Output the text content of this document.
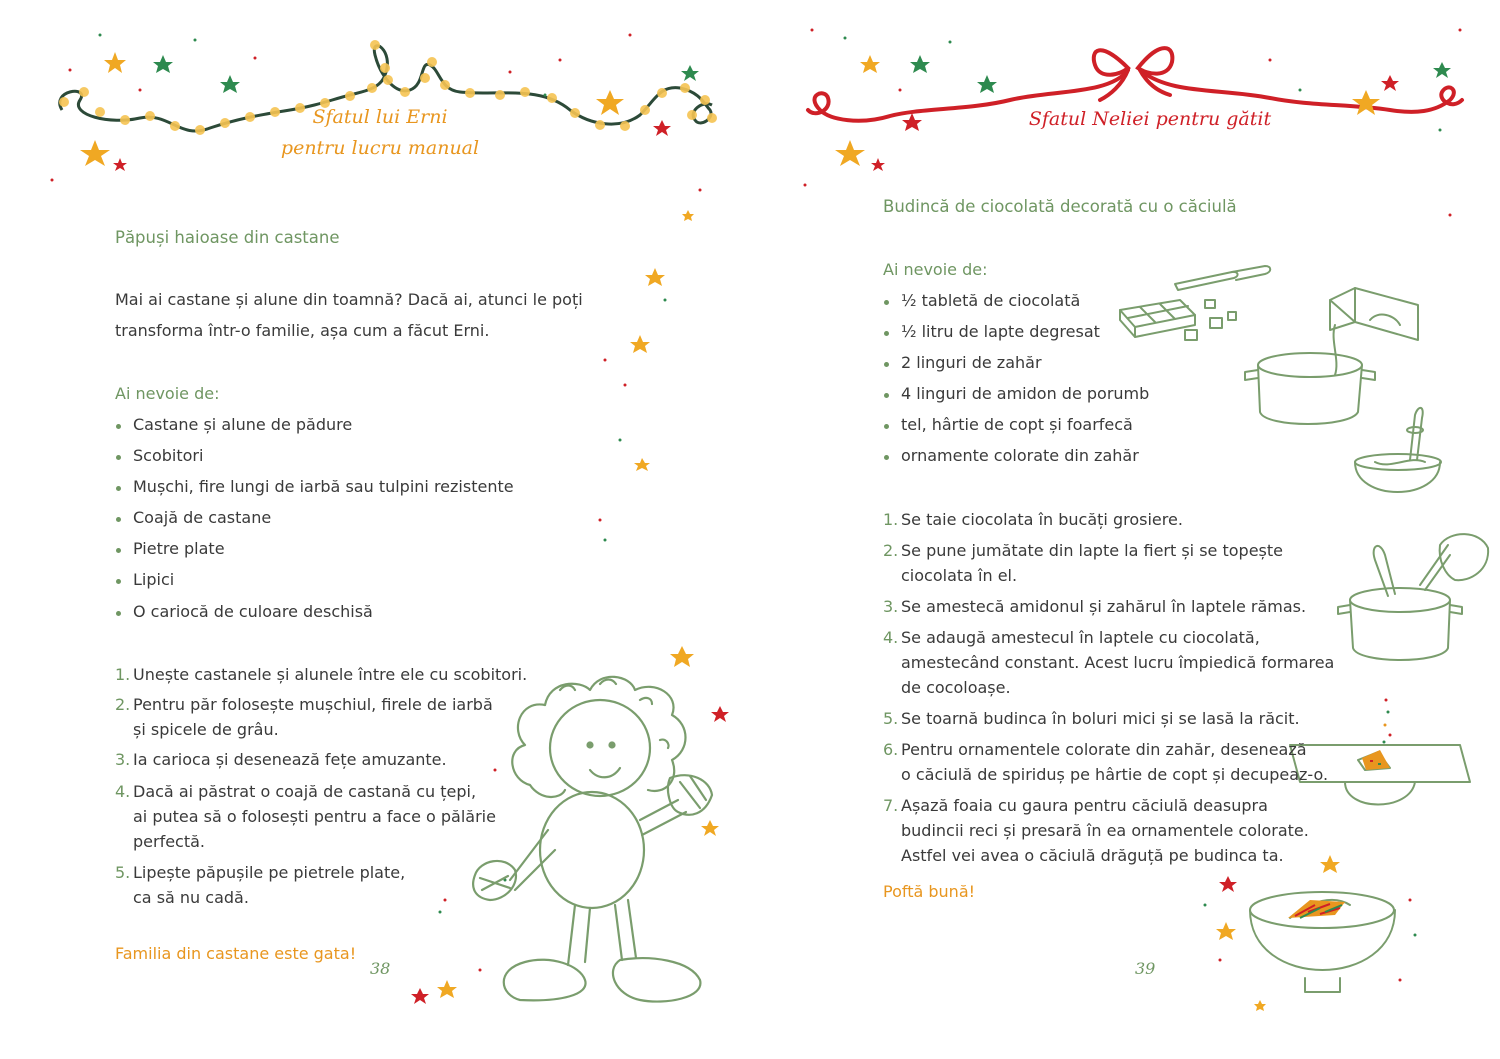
Sfatul lui Erni
pentru lucru manual
Păpuși haioase din castane
Mai ai castane și alune din toamnă? Dacă ai, atunci le poți
transforma într-o familie, așa cum a făcut Erni.

Ai nevoie de:

Castane și alune de pădure
Scobitori
Mușchi, fire lungi de iarbă sau tulpini rezistente
Coajă de castane
Pietre plate
Lipici
O cariocă de culoare deschisă
1. Unește castanele și alunele între ele cu scobitori.
2. Pentru păr folosește mușchiul, firele de iarbă
și spicele de grâu.
3. Ia carioca și desenează fețe amuzante.
4. Dacă ai păstrat o coajă de castană cu țepi,
ai putea să o folosești pentru a face o pălărie
perfectă.
5. Lipește păpușile pe pietrele plate,
ca să nu cadă.

Familia din castane este gata!

38
Sfatul Neliei pentru gătit
Budincă de ciocolată decorată cu o căciulă

Ai nevoie de:

½ tabletă de ciocolată
½ litru de lapte degresat
2 linguri de zahăr
4 linguri de amidon de porumb
tel, hârtie de copt și foarfecă
ornamente colorate din zahăr
1. Se taie ciocolata în bucăți grosiere.
2. Se pune jumătate din lapte la fiert și se topește
ciocolata în el.
3. Se amestecă amidonul și zahărul în laptele rămas.
4. Se adaugă amestecul în laptele cu ciocolată,
amestecând constant. Acest lucru împiedică formarea
de cocoloașe.
5. Se toarnă budinca în boluri mici și se lasă la răcit.
6. Pentru ornamentele colorate din zahăr, desenează
o căciulă de spiriduș pe hârtie de copt și decupeaz-o.
7. Așază foaia cu gaura pentru căciulă deasupra
budincii reci și presară în ea ornamentele colorate.
Astfel vei avea o căciulă drăguță pe budinca ta.

Poftă bună!

39
